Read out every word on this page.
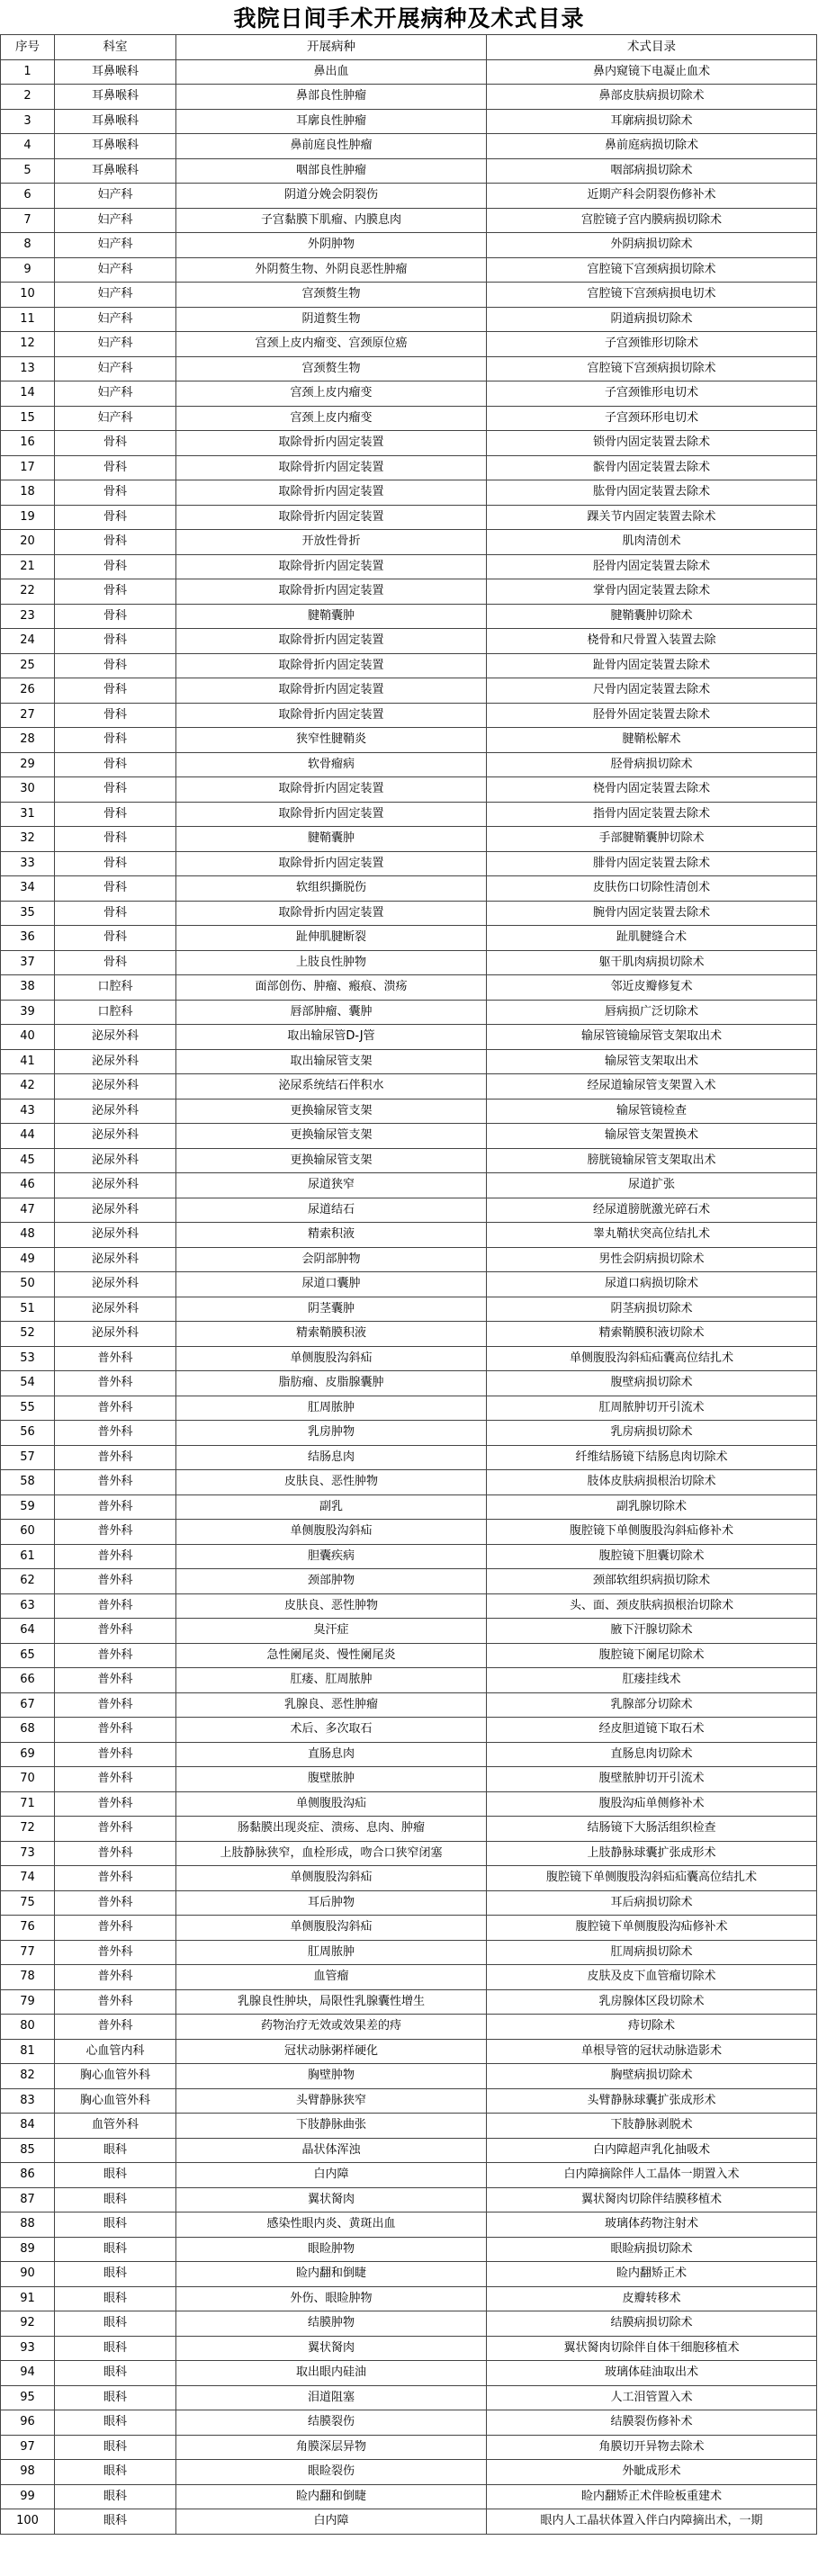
我院日间手术开展病种及术式目录
序号	科室	开展病种	术式目录
1	耳鼻喉科	鼻出血	鼻内窥镜下电凝止血术
2	耳鼻喉科	鼻部良性肿瘤	鼻部皮肤病损切除术
3	耳鼻喉科	耳廓良性肿瘤	耳廓病损切除术
4	耳鼻喉科	鼻前庭良性肿瘤	鼻前庭病损切除术
5	耳鼻喉科	咽部良性肿瘤	咽部病损切除术
6	妇产科	阴道分娩会阴裂伤	近期产科会阴裂伤修补术
7	妇产科	子宫黏膜下肌瘤、内膜息肉	宫腔镜子宫内膜病损切除术
8	妇产科	外阴肿物	外阴病损切除术
9	妇产科	外阴赘生物、外阴良恶性肿瘤	宫腔镜下宫颈病损切除术
10	妇产科	宫颈赘生物	宫腔镜下宫颈病损电切术
11	妇产科	阴道赘生物	阴道病损切除术
12	妇产科	宫颈上皮内瘤变、宫颈原位癌	子宫颈锥形切除术
13	妇产科	宫颈赘生物	宫腔镜下宫颈病损切除术
14	妇产科	宫颈上皮内瘤变	子宫颈锥形电切术
15	妇产科	宫颈上皮内瘤变	子宫颈环形电切术
16	骨科	取除骨折内固定装置	锁骨内固定装置去除术
17	骨科	取除骨折内固定装置	髌骨内固定装置去除术
18	骨科	取除骨折内固定装置	肱骨内固定装置去除术
19	骨科	取除骨折内固定装置	踝关节内固定装置去除术
20	骨科	开放性骨折	肌肉清创术
21	骨科	取除骨折内固定装置	胫骨内固定装置去除术
22	骨科	取除骨折内固定装置	掌骨内固定装置去除术
23	骨科	腱鞘囊肿	腱鞘囊肿切除术
24	骨科	取除骨折内固定装置	桡骨和尺骨置入装置去除
25	骨科	取除骨折内固定装置	趾骨内固定装置去除术
26	骨科	取除骨折内固定装置	尺骨内固定装置去除术
27	骨科	取除骨折内固定装置	胫骨外固定装置去除术
28	骨科	狭窄性腱鞘炎	腱鞘松解术
29	骨科	软骨瘤病	胫骨病损切除术
30	骨科	取除骨折内固定装置	桡骨内固定装置去除术
31	骨科	取除骨折内固定装置	指骨内固定装置去除术
32	骨科	腱鞘囊肿	手部腱鞘囊肿切除术
33	骨科	取除骨折内固定装置	腓骨内固定装置去除术
34	骨科	软组织撕脱伤	皮肤伤口切除性清创术
35	骨科	取除骨折内固定装置	腕骨内固定装置去除术
36	骨科	趾伸肌腱断裂	趾肌腱缝合术
37	骨科	上肢良性肿物	躯干肌肉病损切除术
38	口腔科	面部创伤、肿瘤、瘢痕、溃疡	邻近皮瓣修复术
39	口腔科	唇部肿瘤、囊肿	唇病损广泛切除术
40	泌尿外科	取出输尿管D-J管	输尿管镜输尿管支架取出术
41	泌尿外科	取出输尿管支架	输尿管支架取出术
42	泌尿外科	泌尿系统结石伴积水	经尿道输尿管支架置入术
43	泌尿外科	更换输尿管支架	输尿管镜检查
44	泌尿外科	更换输尿管支架	输尿管支架置换术
45	泌尿外科	更换输尿管支架	膀胱镜输尿管支架取出术
46	泌尿外科	尿道狭窄	尿道扩张
47	泌尿外科	尿道结石	经尿道膀胱激光碎石术
48	泌尿外科	精索积液	睾丸鞘状突高位结扎术
49	泌尿外科	会阴部肿物	男性会阴病损切除术
50	泌尿外科	尿道口囊肿	尿道口病损切除术
51	泌尿外科	阴茎囊肿	阴茎病损切除术
52	泌尿外科	精索鞘膜积液	精索鞘膜积液切除术
53	普外科	单侧腹股沟斜疝	单侧腹股沟斜疝疝囊高位结扎术
54	普外科	脂肪瘤、皮脂腺囊肿	腹壁病损切除术
55	普外科	肛周脓肿	肛周脓肿切开引流术
56	普外科	乳房肿物	乳房病损切除术
57	普外科	结肠息肉	纤维结肠镜下结肠息肉切除术
58	普外科	皮肤良、恶性肿物	肢体皮肤病损根治切除术
59	普外科	副乳	副乳腺切除术
60	普外科	单侧腹股沟斜疝	腹腔镜下单侧腹股沟斜疝修补术
61	普外科	胆囊疾病	腹腔镜下胆囊切除术
62	普外科	颈部肿物	颈部软组织病损切除术
63	普外科	皮肤良、恶性肿物	头、面、颈皮肤病损根治切除术
64	普外科	臭汗症	腋下汗腺切除术
65	普外科	急性阑尾炎、慢性阑尾炎	腹腔镜下阑尾切除术
66	普外科	肛瘘、肛周脓肿	肛瘘挂线术
67	普外科	乳腺良、恶性肿瘤	乳腺部分切除术
68	普外科	术后、多次取石	经皮胆道镜下取石术
69	普外科	直肠息肉	直肠息肉切除术
70	普外科	腹壁脓肿	腹壁脓肿切开引流术
71	普外科	单侧腹股沟疝	腹股沟疝单侧修补术
72	普外科	肠黏膜出现炎症、溃疡、息肉、肿瘤	结肠镜下大肠活组织检查
73	普外科	上肢静脉狭窄，血栓形成，吻合口狭窄闭塞	上肢静脉球囊扩张成形术
74	普外科	单侧腹股沟斜疝	腹腔镜下单侧腹股沟斜疝疝囊高位结扎术
75	普外科	耳后肿物	耳后病损切除术
76	普外科	单侧腹股沟斜疝	腹腔镜下单侧腹股沟疝修补术
77	普外科	肛周脓肿	肛周病损切除术
78	普外科	血管瘤	皮肤及皮下血管瘤切除术
79	普外科	乳腺良性肿块，局限性乳腺囊性增生	乳房腺体区段切除术
80	普外科	药物治疗无效或效果差的痔	痔切除术
81	心血管内科	冠状动脉粥样硬化	单根导管的冠状动脉造影术
82	胸心血管外科	胸壁肿物	胸壁病损切除术
83	胸心血管外科	头臂静脉狭窄	头臂静脉球囊扩张成形术
84	血管外科	下肢静脉曲张	下肢静脉剥脱术
85	眼科	晶状体浑浊	白内障超声乳化抽吸术
86	眼科	白内障	白内障摘除伴人工晶体一期置入术
87	眼科	翼状胬肉	翼状胬肉切除伴结膜移植术
88	眼科	感染性眼内炎、黄斑出血	玻璃体药物注射术
89	眼科	眼睑肿物	眼睑病损切除术
90	眼科	睑内翻和倒睫	睑内翻矫正术
91	眼科	外伤、眼睑肿物	皮瓣转移术
92	眼科	结膜肿物	结膜病损切除术
93	眼科	翼状胬肉	翼状胬肉切除伴自体干细胞移植术
94	眼科	取出眼内硅油	玻璃体硅油取出术
95	眼科	泪道阻塞	人工泪管置入术
96	眼科	结膜裂伤	结膜裂伤修补术
97	眼科	角膜深层异物	角膜切开异物去除术
98	眼科	眼睑裂伤	外眦成形术
99	眼科	睑内翻和倒睫	睑内翻矫正术伴睑板重建术
100	眼科	白内障	眼内人工晶状体置入伴白内障摘出术，一期
